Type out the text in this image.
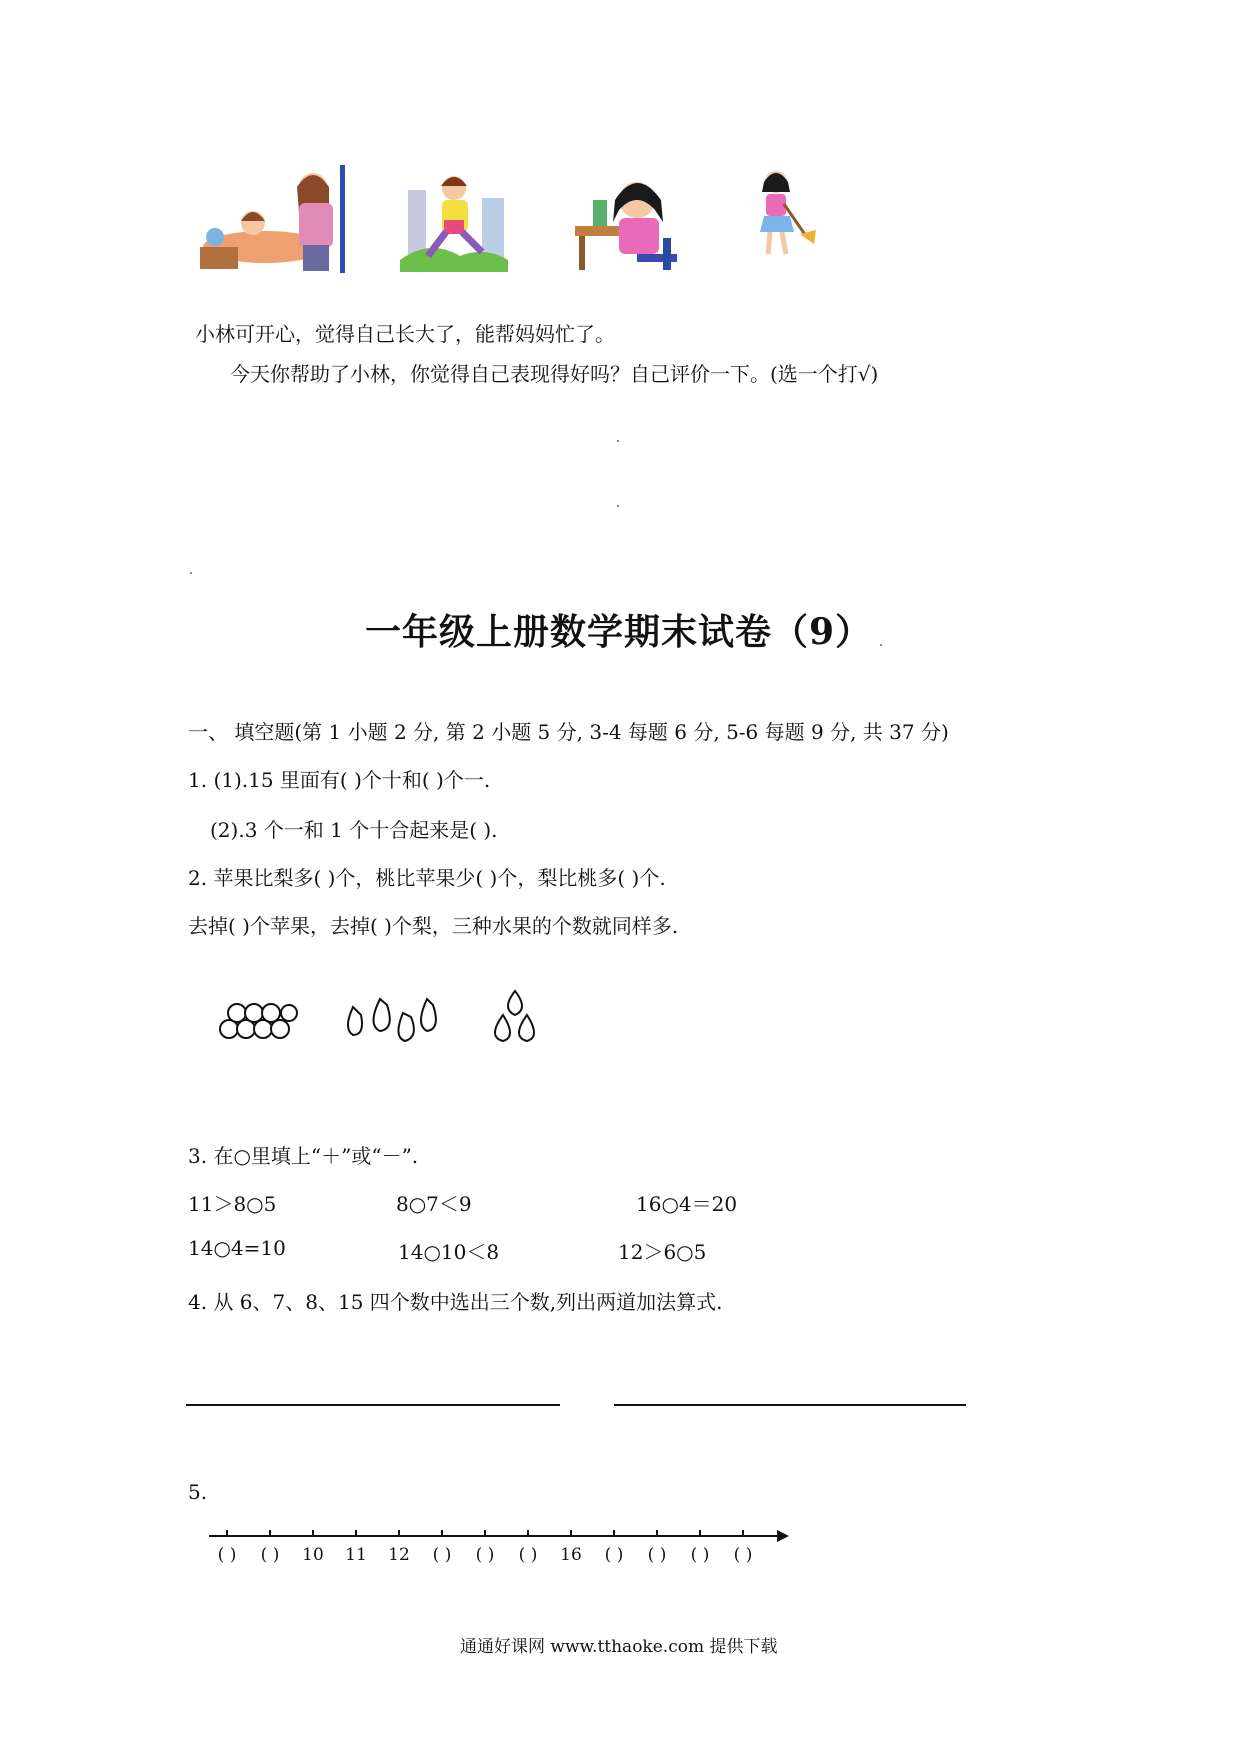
小林可开心，觉得自己长大了，能帮妈妈忙了。
今天你帮助了小林，你觉得自己表现得好吗？自己评价一下。(选一个打√)
一年级上册数学期末试卷（9）
一、 填空题(第 1 小题 2 分, 第 2 小题 5 分, 3-4 每题 6 分, 5-6 每题 9 分, 共 37 分)
1. (1).15 里面有( )个十和( )个一.
(2).3 个一和 1 个十合起来是( ).
2. 苹果比梨多( )个，桃比苹果少( )个，梨比桃多( )个.
去掉( )个苹果，去掉( )个梨，三种水果的个数就同样多.
3. 在○里填上“＋”或“－”.
11＞8○5	8○7＜9	16○4＝20
14○4=10	14○10＜8	12＞6○5
4. 从 6、7、8、15 四个数中选出三个数,列出两道加法算式.
5.
( ) ( ) 10 11 12 ( ) ( ) ( ) 16 ( ) ( ) ( ) ( )
通通好课网 www.tthaoke.com 提供下载
